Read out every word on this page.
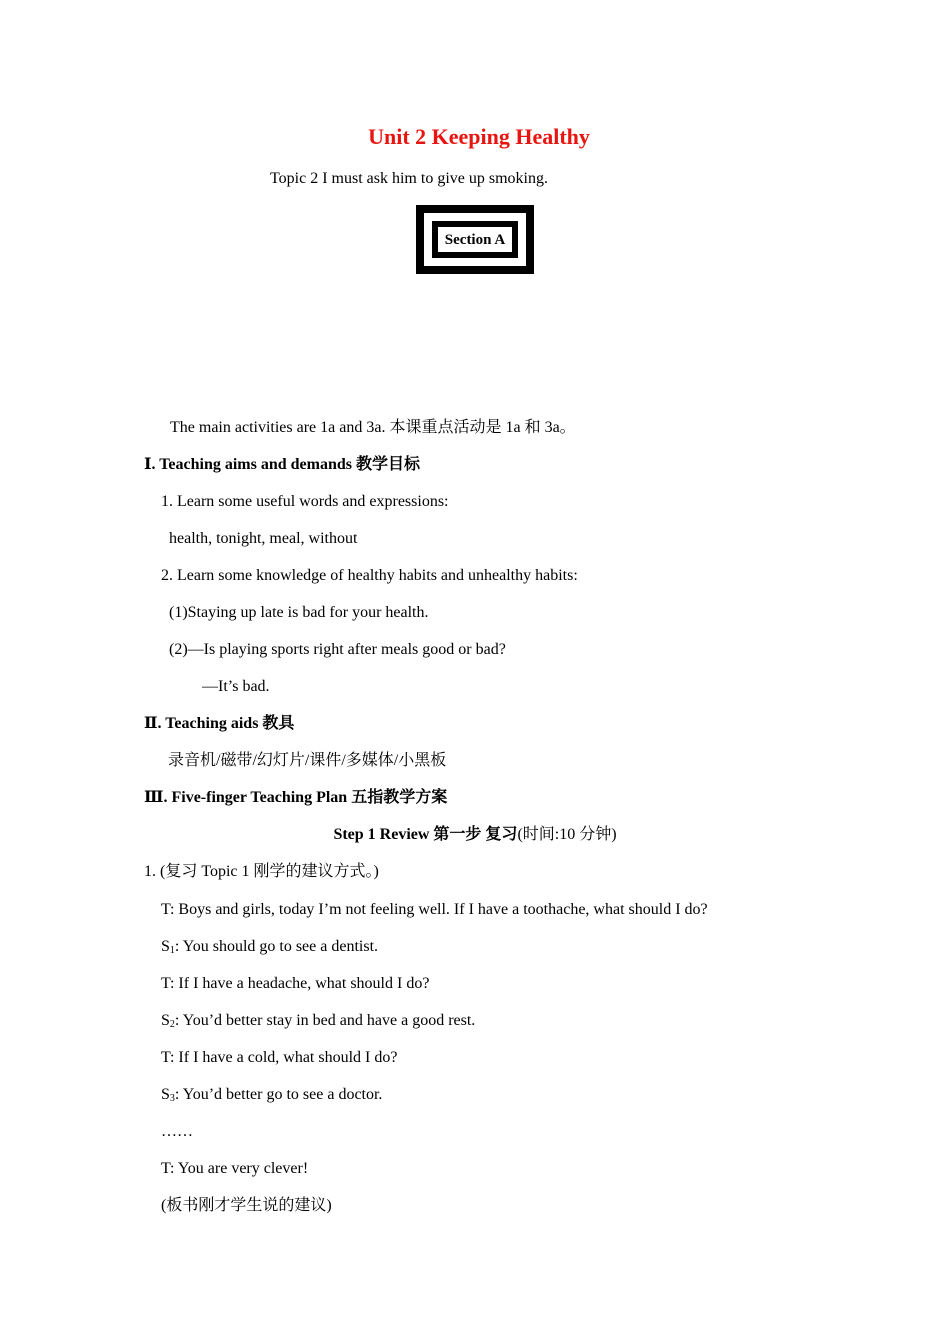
Unit 2 Keeping Healthy
Topic 2 I must ask him to give up smoking.
Section A
The main activities are 1a and 3a. 本课重点活动是 1a 和 3a。
Ⅰ. Teaching aims and demands 教学目标
1. Learn some useful words and expressions:
health, tonight, meal, without
2. Learn some knowledge of healthy habits and unhealthy habits:
(1)Staying up late is bad for your health.
(2)—Is playing sports right after meals good or bad?
—It’s bad.
Ⅱ. Teaching aids 教具
录音机/磁带/幻灯片/课件/多媒体/小黑板
Ⅲ. Five-finger Teaching Plan 五指教学方案
Step 1 Review 第一步 复习(时间:10 分钟)
1. (复习 Topic 1 刚学的建议方式。)
T: Boys and girls, today I’m not feeling well. If I have a toothache, what should I do?
$S_1$: You should go to see a dentist.
T: If I have a headache, what should I do?
$S_2$: You’d better stay in bed and have a good rest.
T: If I have a cold, what should I do?
$S_3$: You’d better go to see a doctor.
……
T: You are very clever!
(板书刚才学生说的建议)
